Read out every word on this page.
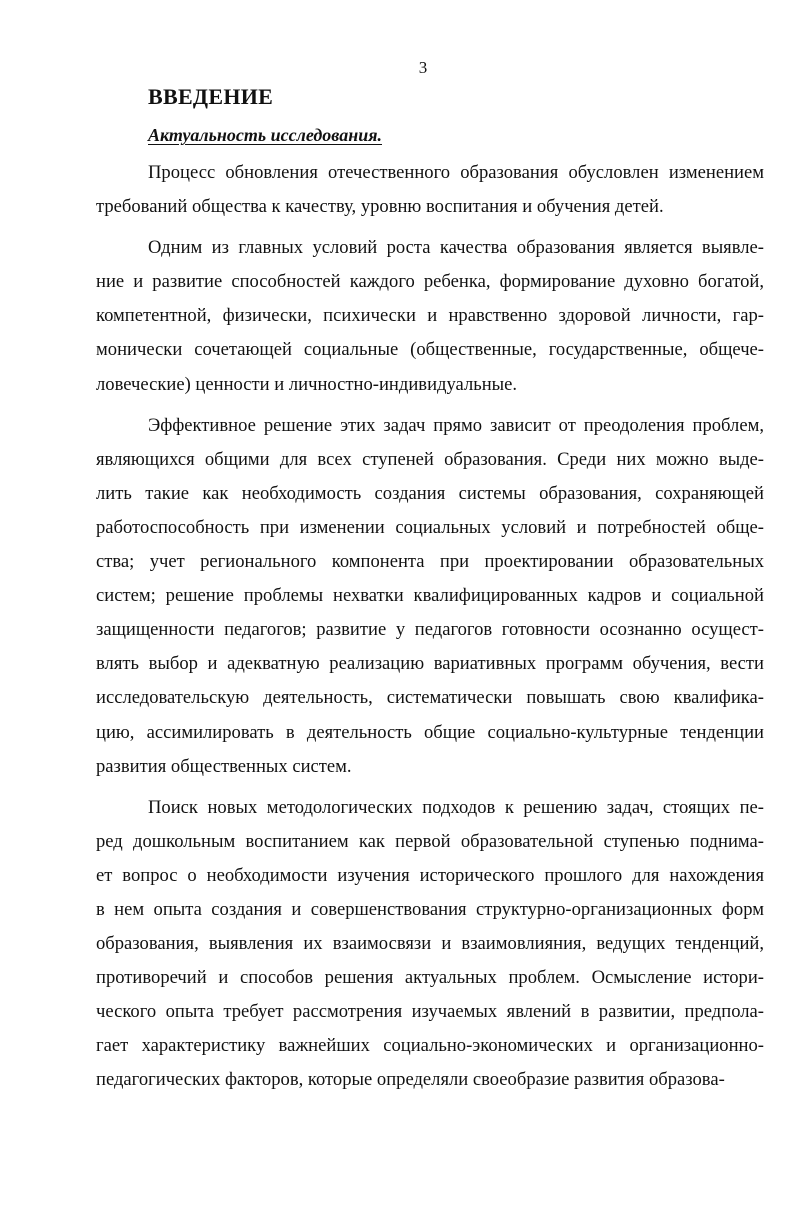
3
ВВЕДЕНИЕ
Актуальность исследования.
Процесс обновления отечественного образования обусловлен изменением
требований общества к качеству, уровню воспитания и обучения детей.
Одним из главных условий роста качества образования является выявле-
ние и развитие способностей каждого ребенка, формирование духовно богатой,
компетентной, физически, психически и нравственно здоровой личности, гар-
монически сочетающей социальные (общественные, государственные, общече-
ловеческие) ценности и личностно-индивидуальные.
Эффективное решение этих задач прямо зависит от преодоления проблем,
являющихся общими для всех ступеней образования. Среди них можно выде-
лить такие как необходимость создания системы образования, сохраняющей
работоспособность при изменении социальных условий и потребностей обще-
ства; учет регионального компонента при проектировании образовательных
систем; решение проблемы нехватки квалифицированных кадров и социальной
защищенности педагогов; развитие у педагогов готовности осознанно осущест-
влять выбор и адекватную реализацию вариативных программ обучения, вести
исследовательскую деятельность, систематически повышать свою квалифика-
цию, ассимилировать в деятельность общие социально-культурные тенденции
развития общественных систем.
Поиск новых методологических подходов к решению задач, стоящих пе-
ред дошкольным воспитанием как первой образовательной ступенью поднима-
ет вопрос о необходимости изучения исторического прошлого для нахождения
в нем опыта создания и совершенствования структурно-организационных форм
образования, выявления их взаимосвязи и взаимовлияния, ведущих тенденций,
противоречий и способов решения актуальных проблем. Осмысление истори-
ческого опыта требует рассмотрения изучаемых явлений в развитии, предпола-
гает характеристику важнейших социально-экономических и организационно-
педагогических факторов, которые определяли своеобразие развития образова-
